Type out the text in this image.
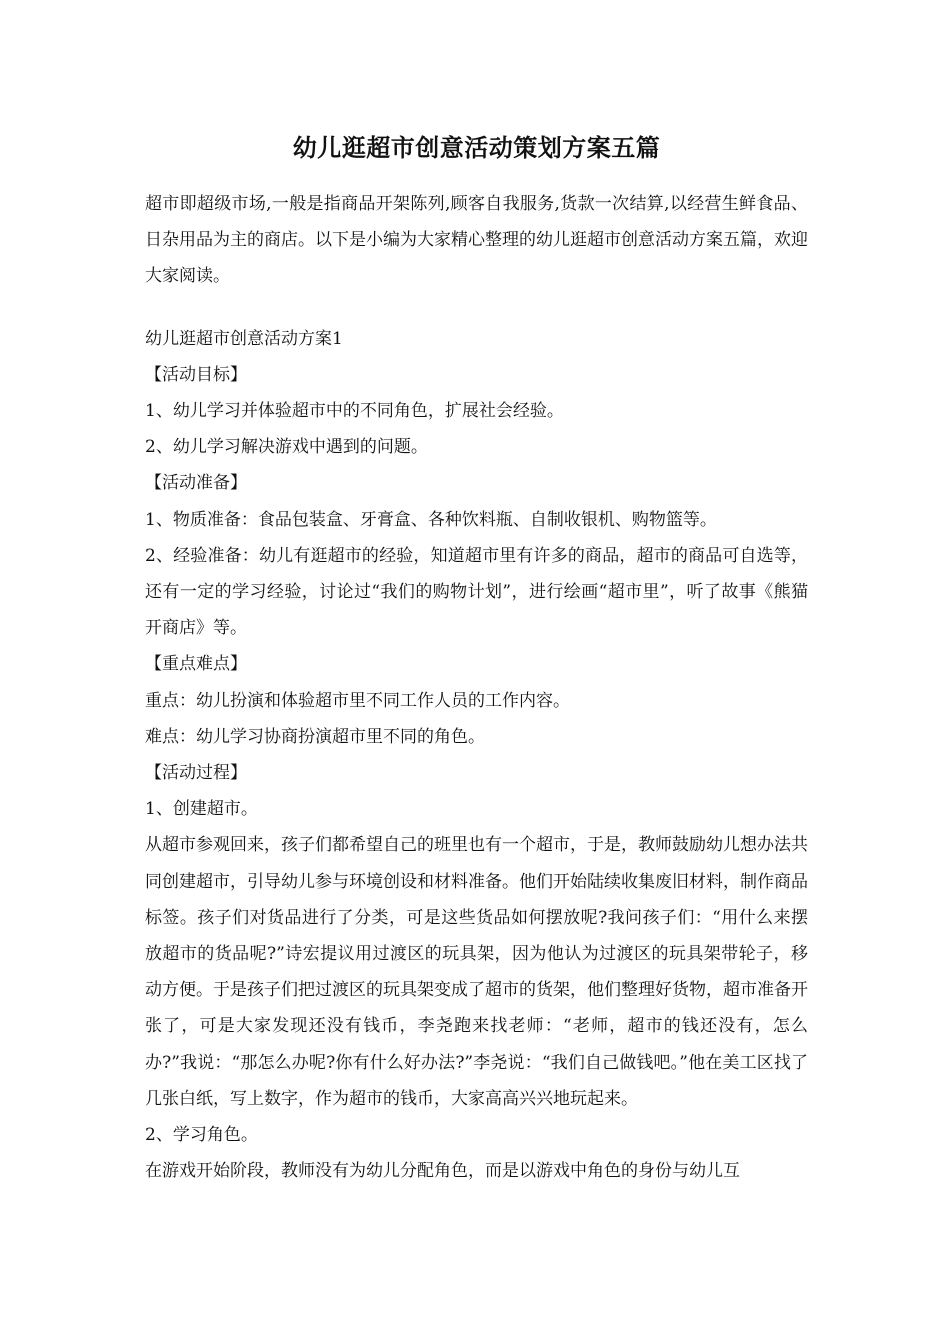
幼儿逛超市创意活动策划方案五篇

超市即超级市场,一般是指商品开架陈列,顾客自我服务,货款一次结算,以经营生鲜食品、日杂用品为主的商店。以下是小编为大家精心整理的幼儿逛超市创意活动方案五篇，欢迎大家阅读。

幼儿逛超市创意活动方案1

【活动目标】

1、幼儿学习并体验超市中的不同角色，扩展社会经验。

2、幼儿学习解决游戏中遇到的问题。

【活动准备】

1、物质准备：食品包装盒、牙膏盒、各种饮料瓶、自制收银机、购物篮等。

2、经验准备：幼儿有逛超市的经验，知道超市里有许多的商品，超市的商品可自选等，还有一定的学习经验，讨论过“我们的购物计划”，进行绘画“超市里”，听了故事《熊猫开商店》等。

【重点难点】

重点：幼儿扮演和体验超市里不同工作人员的工作内容。

难点：幼儿学习协商扮演超市里不同的角色。

【活动过程】

1、创建超市。

从超市参观回来，孩子们都希望自己的班里也有一个超市，于是，教师鼓励幼儿想办法共同创建超市，引导幼儿参与环境创设和材料准备。他们开始陆续收集废旧材料，制作商品标签。孩子们对货品进行了分类，可是这些货品如何摆放呢?我问孩子们：“用什么来摆放超市的货品呢?”诗宏提议用过渡区的玩具架，因为他认为过渡区的玩具架带轮子，移动方便。于是孩子们把过渡区的玩具架变成了超市的货架，他们整理好货物，超市准备开张了，可是大家发现还没有钱币，李尧跑来找老师：“老师，超市的钱还没有，怎么办?”我说：“那怎么办呢?你有什么好办法?”李尧说：“我们自己做钱吧。”他在美工区找了几张白纸，写上数字，作为超市的钱币，大家高高兴兴地玩起来。

2、学习角色。

在游戏开始阶段，教师没有为幼儿分配角色，而是以游戏中角色的身份与幼儿互
